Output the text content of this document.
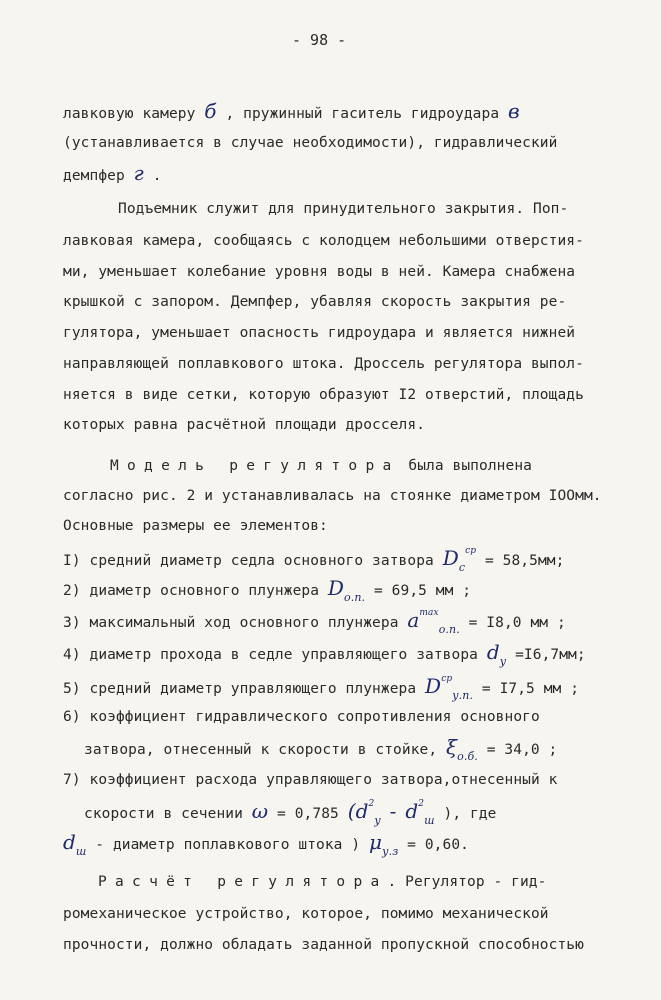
- 98 -
лавковую камеру б , пружинный гаситель гидроудара в
(устанавливается в случае необходимости), гидравлический
демпфер г .
Подъемник служит для принудительного закрытия. Поп-
лавковая камера, сообщаясь с колодцем небольшими отверстия-
ми, уменьшает колебание уровня воды в ней. Камера снабжена
крышкой с запором. Демпфер, убавляя скорость закрытия ре-
гулятора, уменьшает опасность гидроудара и является нижней
направляющей поплавкового штока. Дроссель регулятора выпол-
няется в виде сетки, которую образуют I2 отверстий, площадь
которых равна расчётной площади дросселя.
Модель регулятора была выполнена
согласно рис. 2 и устанавливалась на стоянке диаметром IOOмм.
Основные размеры ее элементов:
I) средний диаметр седла основного затвора $D_с^{ср} = 58,5мм$;
2) диаметр основного плунжера $D_{о.п.} = 69,5$ мм ;
3) максимальный ход основного плунжера $a^{max}_{о.п.} = I8,0$ мм ;
4) диаметр прохода в седле управляющего затвора $d_у =I6,7мм$;
5) средний диаметр управляющего плунжера $D^{ср}_{у.п.} = I7,5$ мм ;
6) коэффициент гидравлического сопротивления основного
затвора, отнесенный к скорости в стойке, $\xi_{о.б.} = 34,0$ ;
7) коэффициент расхода управляющего затвора,отнесенный к
скорости в сечении ω = 0,785 ($d^2_у - d^2_ш$ ), где
$d_ш$ - диаметр поплавкового штока ) $\mu_{у.з} = 0,60$.
Расчёт регулятора. Регулятор - гид-
ромеханическое устройство, которое, помимо механической
прочности, должно обладать заданной пропускной способностью
